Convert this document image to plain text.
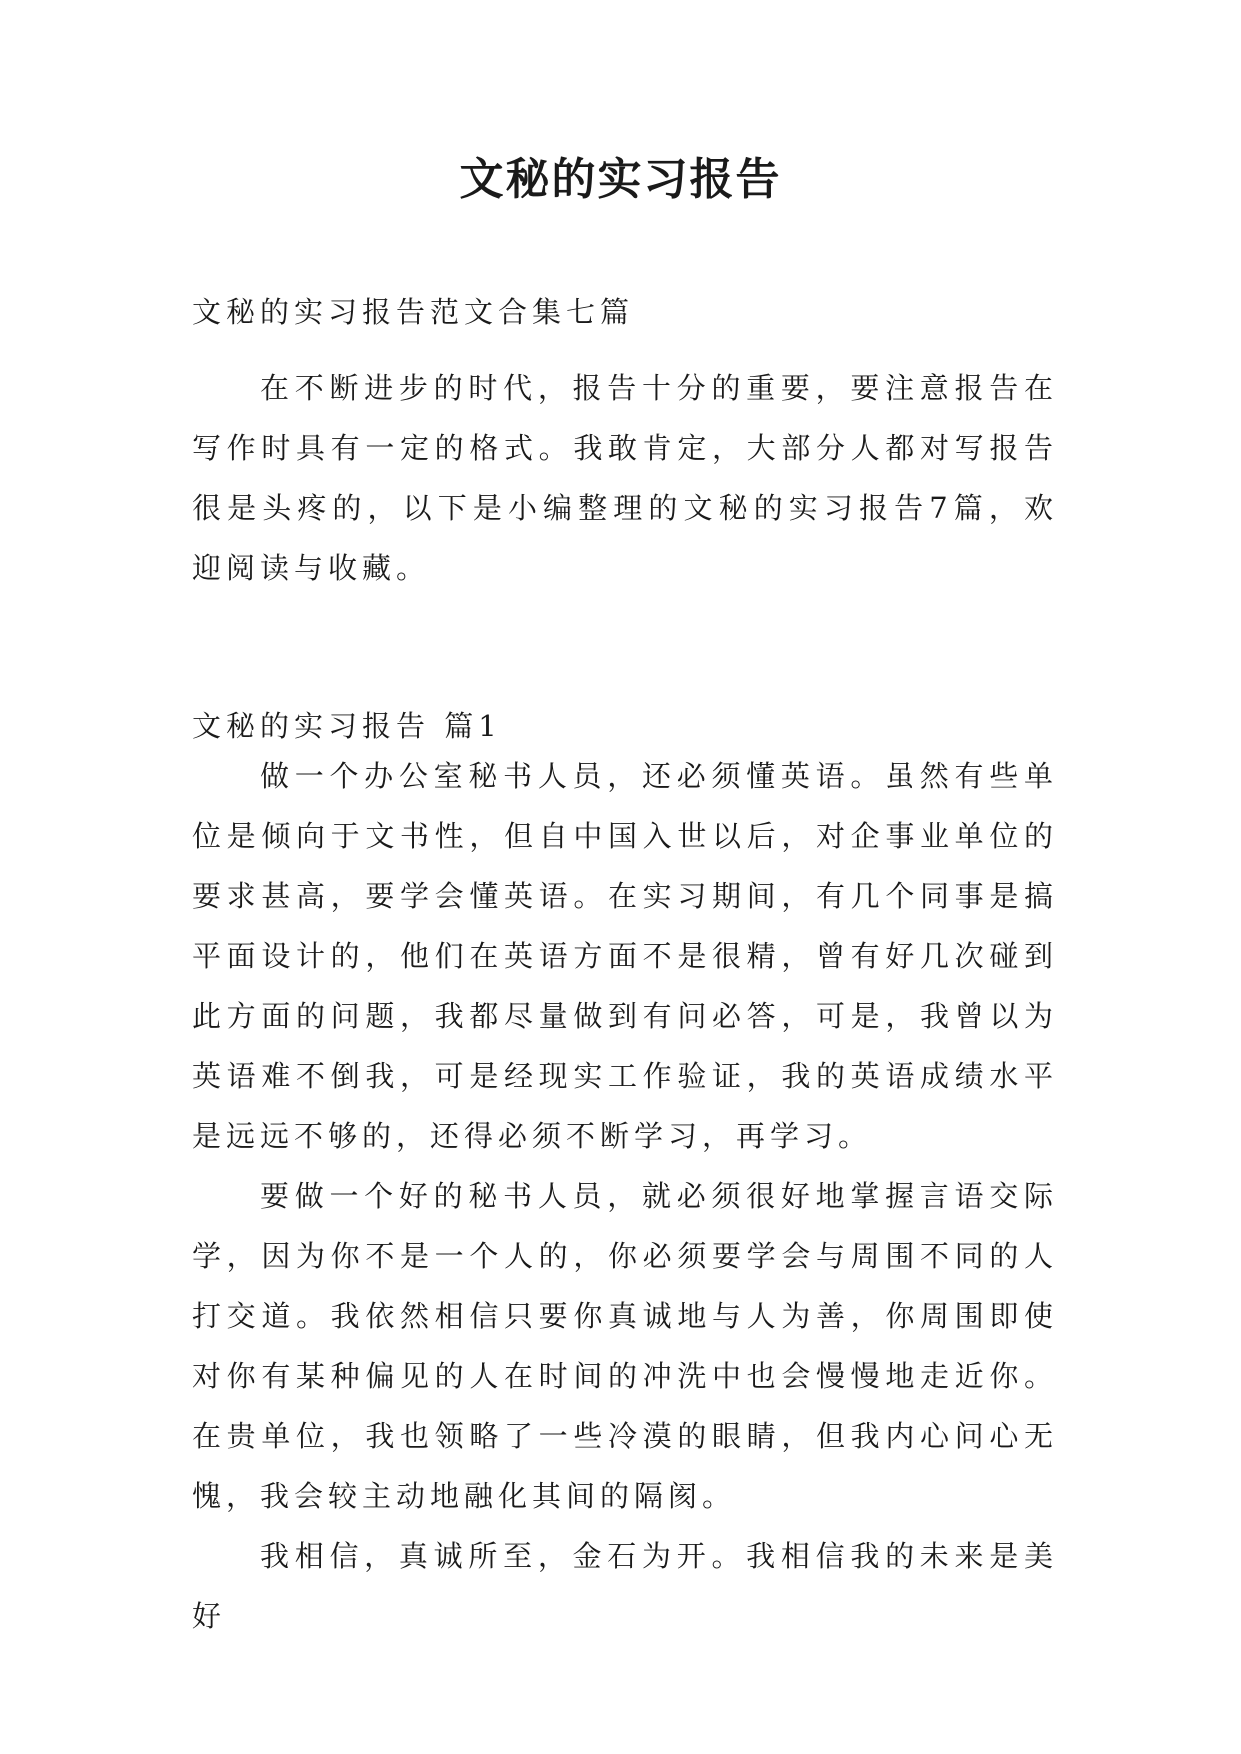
文秘的实习报告
文秘的实习报告范文合集七篇

在不断进步的时代，报告十分的重要，要注意报告在写作时具有一定的格式。我敢肯定，大部分人都对写报告很是头疼的，以下是小编整理的文秘的实习报告7篇，欢迎阅读与收藏。

文秘的实习报告 篇1

做一个办公室秘书人员，还必须懂英语。虽然有些单位是倾向于文书性，但自中国入世以后，对企事业单位的要求甚高，要学会懂英语。在实习期间，有几个同事是搞平面设计的，他们在英语方面不是很精，曾有好几次碰到此方面的问题，我都尽量做到有问必答，可是，我曾以为英语难不倒我，可是经现实工作验证，我的英语成绩水平是远远不够的，还得必须不断学习，再学习。

要做一个好的秘书人员，就必须很好地掌握言语交际学，因为你不是一个人的，你必须要学会与周围不同的人打交道。我依然相信只要你真诚地与人为善，你周围即使对你有某种偏见的人在时间的冲洗中也会慢慢地走近你。在贵单位，我也领略了一些冷漠的眼睛，但我内心问心无愧，我会较主动地融化其间的隔阂。

我相信，真诚所至，金石为开。我相信我的未来是美好
